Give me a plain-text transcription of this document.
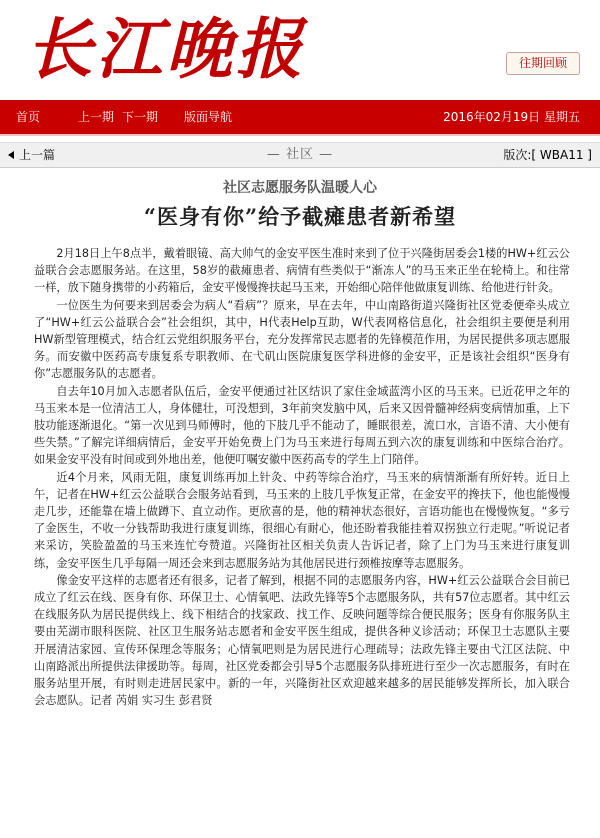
长江晚报	往期回顾
首页	上一期 下一期 版面导航	2016年02月19日 星期五
— 社区 —
上一篇	版次:[ WBA11 ]
社区志愿服务队温暖人心
“医身有你”给予截瘫患者新希望

2月18日上午8点半，戴着眼镜、高大帅气的金安平医生准时来到了位于兴隆街居委会1楼的HW+红云公益联合会志愿服务站。在这里，58岁的截瘫患者、病情有些类似于“渐冻人”的马玉来正坐在轮椅上。和往常一样，放下随身携带的小药箱后，金安平慢慢搀扶起马玉来，开始细心陪伴他做康复训练、给他进行针灸。

一位医生为何要来到居委会为病人“看病”？原来，早在去年，中山南路街道兴隆街社区党委便牵头成立了“HW+红云公益联合会”社会组织，其中，H代表Help互助，W代表网格信息化，社会组织主要便是利用HW新型管理模式，结合红云党组织服务平台，充分发挥常民志愿者的先锋模范作用，为居民提供多项志愿服务。而安徽中医药高专康复系专职教师、在弋矶山医院康复医学科进修的金安平，正是该社会组织“医身有你”志愿服务队的志愿者。

自去年10月加入志愿者队伍后，金安平便通过社区结识了家住金域蓝湾小区的马玉来。已近花甲之年的马玉来本是一位清洁工人，身体健壮，可没想到，3年前突发脑中风，后来又因骨髓神经病变病情加重，上下肢功能逐渐退化。“第一次见到马师傅时，他的下肢几乎不能动了，睡眠很差，流口水，言语不清、大小便有些失禁。”了解完详细病情后，金安平开始免费上门为马玉来进行每周五到六次的康复训练和中医综合治疗。如果金安平没有时间或到外地出差，他便叮嘱安徽中医药高专的学生上门陪伴。

近4个月来，风雨无阻，康复训练再加上针灸、中药等综合治疗，马玉来的病情渐渐有所好转。近日上午，记者在HW+红云公益联合会服务站看到，马玉来的上肢几乎恢复正常，在金安平的搀扶下，他也能慢慢走几步，还能靠在墙上做蹲下、直立动作。更欣喜的是，他的精神状态很好，言语功能也在慢慢恢复。“多亏了金医生，不收一分钱帮助我进行康复训练，很细心有耐心，他还盼着我能挂着双拐独立行走呢。”听说记者来采访，笑脸盈盈的马玉来连忙夸赞道。兴隆街社区相关负责人告诉记者，除了上门为马玉来进行康复训练，金安平医生几乎每隔一周还会来到志愿服务站为其他居民进行颈椎按摩等志愿服务。

像金安平这样的志愿者还有很多，记者了解到，根据不同的志愿服务内容，HW+红云公益联合会目前已成立了红云在线、医身有你、环保卫士、心情氧吧、法政先锋等5个志愿服务队，共有57位志愿者。其中红云在线服务队为居民提供线上、线下相结合的找家政、找工作、反映问题等综合便民服务；医身有你服务队主要由芜湖市眼科医院、社区卫生服务站志愿者和金安平医生组成，提供各种义诊活动；环保卫士志愿队主要开展清洁家园、宣传环保理念等服务；心情氧吧则是为居民进行心理疏导；法政先锋主要由弋江区法院、中山南路派出所提供法律援助等。每周，社区党委都会引导5个志愿服务队排班进行至少一次志愿服务，有时在服务站里开展，有时则走进居民家中。新的一年，兴隆街社区欢迎越来越多的居民能够发挥所长，加入联合会志愿队。记者 芮娟 实习生 彭君贤
